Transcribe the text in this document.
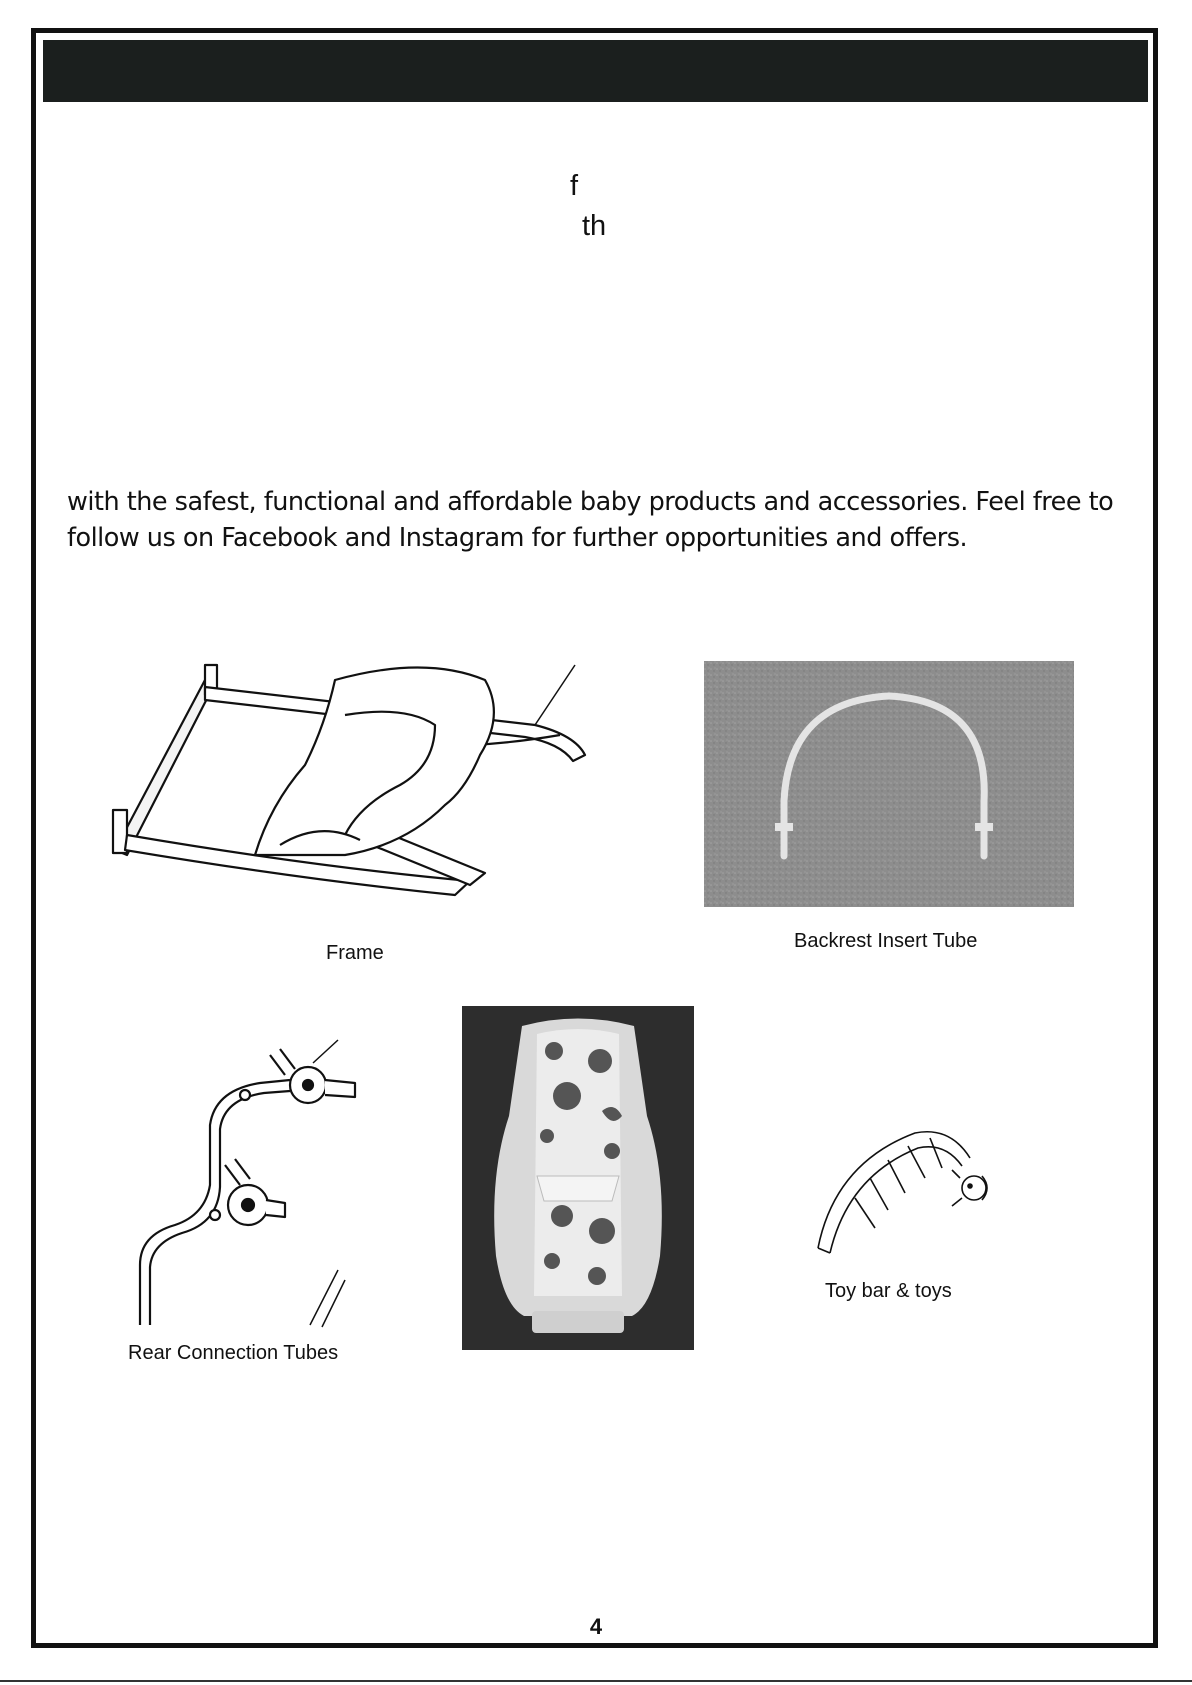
f
th

with the safest, functional and affordable baby products and accessories. Feel free to follow us on Facebook and Instagram for further opportunities and offers.

Frame
Backrest Insert Tube
Rear Connection Tubes
Toy bar & toys
4
